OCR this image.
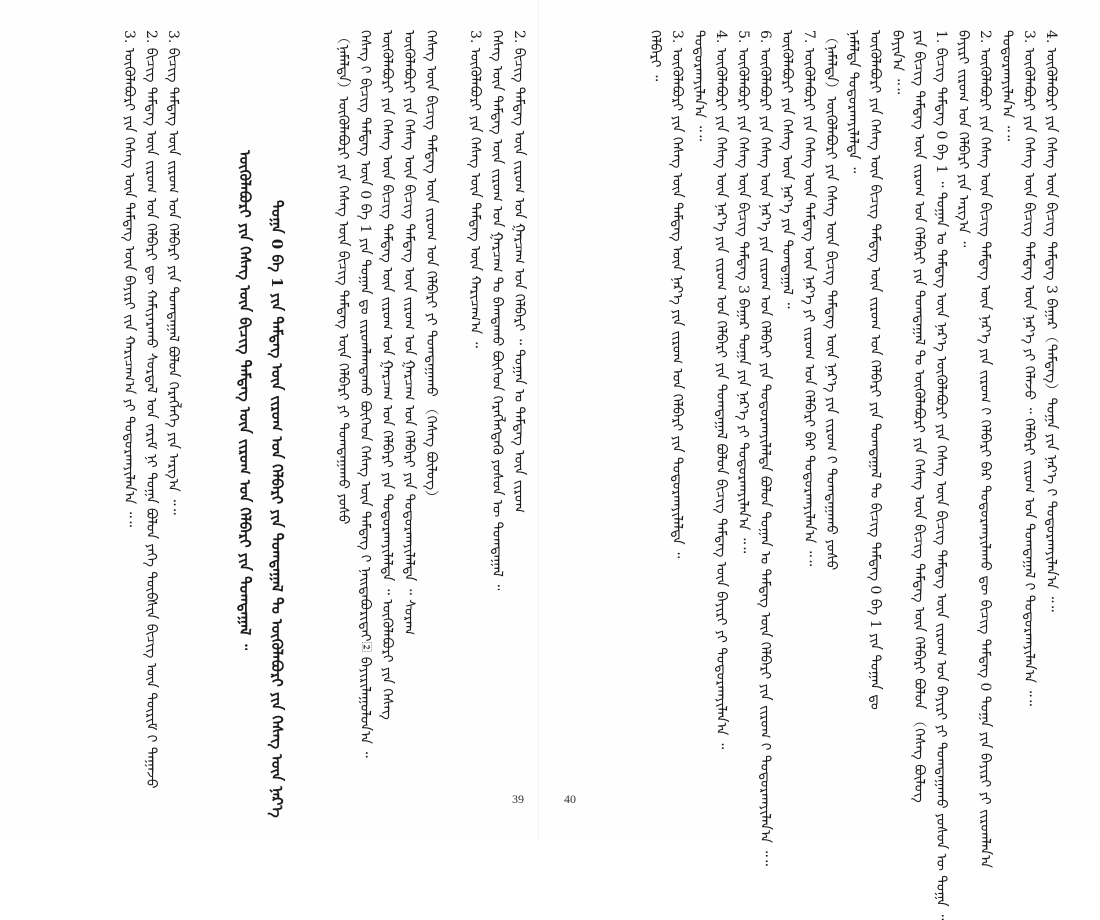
2. ᠪᠢᠴᠢᠭ ᠲᠡᠮᠳᠡᠭ ᠦᠨ ᠵᠢᠷᠤᠭ ᠤᠨ ᠭᠠᠷᠴᠠᠭ ᠤᠨ ᠬᠡᠯᠪᠡᠷᠢ ᠃ ᠲᠣᠭᠠᠨ ᠤ ᠲᠡᠮᠳᠡᠭ ᠦᠨ ᠵᠢᠷᠤᠭ
ᠬᠡᠰᠡᠭ ᠦᠨ ᠲᠡᠮᠳᠡᠭ ᠦᠨ ᠵᠢᠷᠤᠭ ᠤᠨ ᠭᠠᠷᠴᠠᠭ ᠲᠤ ᠪᠠᠭᠲᠠᠬᠤ ᠪᠥᠭᠡᠳ ᠬᠡᠷᠡᠭᠯᠡᠭᠳᠡᠬᠦ ᠶᠤᠰᠤᠨ ᠦ ᠲᠣᠭᠲᠠᠭᠠᠯ ᠃
3. ᠥᠭᠦᠯᠡᠪᠦᠷᠢ ᠶᠢᠨ ᠬᠡᠰᠡᠭ ᠦᠨ ᠲᠡᠮᠳᠡᠭ ᠦᠨ ᠬᠠᠷᠢᠴᠠᠭ᠎ᠠ ᠃
ᠬᠡᠰᠡᠭ ᠦᠨ ᠪᠢᠴᠢᠭ ᠲᠡᠮᠳᠡᠭ ᠦᠨ ᠵᠢᠷᠤᠭ ᠤᠨ ᠬᠡᠯᠪᠡᠷᠢ ᠶᠢ ᠲᠣᠭᠲᠠᠭᠠᠬᠤ （ᠬᠡᠰᠡᠭ ᠪᠥᠯᠥᠭ）
ᠥᠭᠦᠯᠡᠪᠦᠷᠢ ᠶᠢᠨ ᠬᠡᠰᠡᠭ ᠦᠨ ᠪᠢᠴᠢᠭ ᠲᠡᠮᠳᠡᠭ ᠦᠨ ᠵᠢᠷᠤᠭ ᠤᠨ ᠭᠠᠷᠴᠠᠭ ᠤᠨ ᠬᠡᠯᠪᠡᠷᠢ ᠶᠢᠨ ᠲᠣᠳᠤᠷᠬᠠᠶᠢᠯᠠᠯᠲᠠ ᠃ ᠰᠤᠷᠠᠭ
ᠥᠭᠦᠯᠡᠪᠦᠷᠢ ᠶᠢᠨ ᠬᠡᠰᠡᠭ ᠦᠨ ᠪᠢᠴᠢᠭ ᠲᠡᠮᠳᠡᠭ ᠦᠨ ᠵᠢᠷᠤᠭ ᠤᠨ ᠭᠠᠷᠴᠠᠭ ᠤᠨ ᠬᠡᠯᠪᠡᠷᠢ ᠶᠢᠨ ᠲᠣᠳᠤᠷᠬᠠᠶᠢᠯᠠᠯᠲᠠ ᠃ ᠥᠭᠦᠯᠡᠪᠦᠷᠢ ᠶᠢᠨ ᠬᠡᠰᠡᠭ
ᠬᠡᠰᠡᠭ ᠢ᠋ ᠪᠢᠴᠢᠭ ᠲᠡᠮᠳᠡᠭ ᠦᠨ 0 ᠪᠠ 1 ᠶᠢᠨ ᠲᠣᠭᠠᠨ ᠳᠤ ᠵᠢᠷᠤᠭᠯᠠᠭᠳᠠᠬᠤ ᠪᠥᠭᠡᠳ ᠬᠡᠰᠡᠭ ᠦᠨ ᠲᠡᠮᠳᠡᠭ ᠢ᠋ ᠨᠠᠢ᠌ᠳᠠᠪᠤᠷᠢᠲᠠᠢ᠌ ᠪᠠᠶᠢᠷᠢᠯᠠᠭᠤᠯᠤᠨ᠎ᠠ ᠃
（ᠨᠡᠮᠡᠯᠲᠡ）ᠥᠭᠦᠯᠡᠪᠦᠷᠢ ᠶᠢᠨ ᠬᠡᠰᠡᠭ ᠦᠨ ᠪᠢᠴᠢᠭ ᠲᠡᠮᠳᠡᠭ ᠦᠨ ᠬᠡᠯᠪᠡᠷᠢ ᠶᠢ ᠲᠣᠭᠲᠠᠭᠠᠬᠤ ᠶᠤᠰᠤ
ᠲᠣᠭᠠ 0 ᠪᠠ 1 ᠶᠢᠨ ᠲᠡᠮᠳᠡᠭ ᠦᠨ ᠵᠢᠷᠤᠭ ᠤᠨ ᠬᠡᠯᠪᠡᠷᠢ ᠶᠢᠨ ᠲᠣᠭᠲᠠᠭᠠᠯ ᠲᠤ ᠥᠭᠦᠯᠡᠪᠦᠷᠢ ᠶᠢᠨ ᠬᠡᠰᠡᠭ ᠦᠨ ᠨᠡᠷ᠎ᠡ
ᠥᠭᠦᠯᠡᠪᠦᠷᠢ ᠶᠢᠨ ᠬᠡᠰᠡᠭ ᠦᠨ ᠪᠢᠴᠢᠭ ᠲᠡᠮᠳᠡᠭ ᠦᠨ ᠵᠢᠷᠤᠭ ᠤᠨ ᠬᠡᠯᠪᠡᠷᠢ ᠶᠢᠨ ᠲᠣᠭᠲᠠᠭᠠᠯ ᠃
3. ᠪᠢᠴᠢᠭ ᠲᠡᠮᠳᠡᠭ ᠦᠨ ᠵᠢᠷᠤᠭ ᠤᠨ ᠬᠡᠯᠪᠡᠷᠢ ᠶᠢᠨ ᠲᠣᠭᠲᠠᠭᠠᠯ ᠪᠣᠯᠤᠨ ᠬᠡᠷᠡᠭᠯᠡᠭᠡ ᠶᠢᠨ ᠠᠷᠭ᠎ᠠ ᠃᠃
2. ᠪᠢᠴᠢᠭ ᠲᠡᠮᠳᠡᠭ ᠦᠨ ᠵᠢᠷᠤᠭ ᠤᠨ ᠬᠡᠯᠪᠡᠷᠢ ᠳᠦ ᠬᠠᠮᠢᠶᠠᠷᠠᠬᠤ ᠰᠤᠷᠲᠠᠯ ᠤᠨ ᠵᠠᠷᠢᠮ ᠨᠢ ᠲᠣᠭᠠ ᠪᠣᠯᠤᠨ ᠶᠡᠬᠡ ᠲᠦᠪᠰᠢᠨ ᠪᠢᠴᠢᠭ ᠦᠨ ᠳᠦᠷᠢᠮ ᠢ᠋ ᠳᠠᠭᠠᠵᠤ
3. ᠦᠭᠦᠯᠡᠪᠦᠷᠢ ᠶᠢᠨ ᠬᠡᠰᠡᠭ ᠦᠨ ᠲᠡᠮᠳᠡᠭ ᠦᠨ ᠪᠠᠶᠢᠷᠢ ᠵᠢᠨ ᠬᠠᠷᠢᠴᠠᠭ᠎ᠠ ᠶᠢ ᠲᠣᠳᠤᠷᠬᠠᠶᠢᠯᠠᠨ᠎ᠠ ᠃᠃	4. ᠥᠭᠦᠯᠡᠪᠦᠷᠢ ᠶᠢᠨ ᠬᠡᠰᠡᠭ ᠦᠨ ᠪᠢᠴᠢᠭ ᠲᠡᠮᠳᠡᠭ 3 ᠪᠠᠭᠠᠷ（ᠲᠡᠮᠳᠡᠭ）ᠲᠣᠭᠠ ᠶᠢᠨ ᠨᠡᠷ᠎ᠡ ᠢ᠋ ᠲᠣᠳᠤᠷᠬᠠᠶᠢᠯᠠᠨ᠎ᠠ ᠃᠃
3. ᠥᠭᠦᠯᠡᠪᠦᠷᠢ ᠶᠢᠨ ᠬᠡᠰᠡᠭ ᠦᠨ ᠪᠢᠴᠢᠭ ᠲᠡᠮᠳᠡᠭ ᠦᠨ ᠨᠡᠷ᠎ᠡ ᠶᠢ ᠬᠡᠯᠡᠵᠦ ᠃ ᠬᠡᠯᠪᠡᠷᠢ ᠵᠢᠷᠤᠭ ᠤᠨ ᠲᠣᠭᠲᠠᠭᠠᠯ ᠢ᠋ ᠲᠣᠳᠤᠷᠬᠠᠶᠢᠯᠠᠨ᠎ᠠ ᠃᠃
ᠲᠣᠳᠤᠷᠬᠠᠶᠢᠯᠠᠨ᠎ᠠ ᠃᠃
2. ᠥᠭᠦᠯᠡᠪᠦᠷᠢ ᠶᠢᠨ ᠬᠡᠰᠡᠭ ᠦᠨ ᠪᠢᠴᠢᠭ ᠲᠡᠮᠳᠡᠭ ᠦᠨ ᠨᠡᠷ᠎ᠡ ᠶᠢᠨ ᠵᠢᠷᠤᠭ ᠢ᠋ ᠬᠡᠯᠪᠡᠷᠢ ᠪᠡᠷ ᠲᠣᠳᠤᠷᠬᠠᠶᠢᠯᠠᠬᠤ ᠳᠦ ᠪᠢᠴᠢᠭ ᠲᠡᠮᠳᠡᠭ 0 ᠲᠣᠭᠠ ᠶᠢᠨ ᠪᠠᠶᠢᠷᠢ ᠶᠢ ᠵᠢᠷᠤᠭᠯᠠᠨ᠎ᠠ
ᠪᠠᠶᠢᠷᠢ ᠵᠢᠷᠤᠭ ᠤᠨ ᠬᠡᠯᠪᠡᠷᠢ ᠶᠢᠨ ᠠᠷᠭ᠎ᠠ ᠃
1. ᠪᠢᠴᠢᠭ ᠲᠡᠮᠳᠡᠭ 0 ᠪᠠ 1 ᠃ ᠲᠣᠭᠠᠨ ᠤ ᠲᠡᠮᠳᠡᠭ ᠦᠨ ᠨᠡᠷ᠎ᠡ ᠥᠭᠦᠯᠡᠪᠦᠷᠢ ᠶᠢᠨ ᠬᠡᠰᠡᠭ ᠦᠨ ᠪᠢᠴᠢᠭ ᠲᠡᠮᠳᠡᠭ ᠦᠨ ᠵᠢᠷᠤᠭ ᠤᠨ ᠪᠠᠶᠢᠷᠢ ᠶᠢ ᠲᠣᠭᠲᠠᠭᠠᠬᠤ ᠶᠤᠰᠤᠨ ᠦ ᠲᠣᠭᠠ ᠃
ᠶᠢᠨ ᠪᠢᠴᠢᠭ ᠲᠡᠮᠳᠡᠭ ᠦᠨ ᠵᠢᠷᠤᠭ ᠤᠨ ᠬᠡᠯᠪᠡᠷᠢ ᠶᠢᠨ ᠲᠣᠭᠲᠠᠭᠠᠯ ᠲᠤ ᠥᠭᠦᠯᠡᠪᠦᠷᠢ ᠶᠢᠨ ᠬᠡᠰᠡᠭ ᠦᠨ ᠪᠢᠴᠢᠭ ᠲᠡᠮᠳᠡᠭ ᠦᠨ ᠬᠡᠯᠪᠡᠷᠢ ᠪᠣᠯᠤᠨ （ᠬᠡᠰᠡᠭ ᠪᠥᠯᠥᠭ
ᠪᠠᠶᠢᠨ᠎ᠠ ᠃᠃
ᠥᠭᠦᠯᠡᠪᠦᠷᠢ ᠶᠢᠨ ᠬᠡᠰᠡᠭ ᠦᠨ ᠪᠢᠴᠢᠭ ᠲᠡᠮᠳᠡᠭ ᠦᠨ ᠵᠢᠷᠤᠭ ᠤᠨ ᠬᠡᠯᠪᠡᠷᠢ ᠶᠢᠨ ᠲᠣᠭᠲᠠᠭᠠᠯ ᠲᠤ ᠪᠢᠴᠢᠭ ᠲᠡᠮᠳᠡᠭ 0 ᠪᠠ 1 ᠶᠢᠨ ᠲᠣᠭᠠᠨ ᠳᠤ
ᠨᠡᠮᠡᠯᠲᠡ ᠲᠣᠳᠤᠷᠬᠠᠶᠢᠯᠠᠯᠲᠠ ᠃
（ᠨᠡᠮᠡᠯᠲᠡ）ᠥᠭᠦᠯᠡᠪᠦᠷᠢ ᠶᠢᠨ ᠬᠡᠰᠡᠭ ᠦᠨ ᠪᠢᠴᠢᠭ ᠲᠡᠮᠳᠡᠭ ᠦᠨ ᠨᠡᠷ᠎ᠡ ᠶᠢᠨ ᠵᠢᠷᠤᠭ ᠢ᠋ ᠲᠣᠭᠲᠠᠭᠠᠬᠤ ᠶᠤᠰᠤ
7. ᠥᠭᠦᠯᠡᠪᠦᠷᠢ ᠶᠢᠨ ᠬᠡᠰᠡᠭ ᠦᠨ ᠲᠡᠮᠳᠡᠭ ᠦᠨ ᠨᠡᠷ᠎ᠡ ᠶᠢ ᠵᠢᠷᠤᠭ ᠤᠨ ᠬᠡᠯᠪᠡᠷᠢ ᠪᠠᠷ ᠲᠣᠳᠤᠷᠬᠠᠶᠢᠯᠠᠨ᠎ᠠ ᠃᠃
ᠥᠭᠦᠯᠡᠪᠦᠷᠢ ᠶᠢᠨ ᠬᠡᠰᠡᠭ ᠦᠨ ᠨᠡᠷ᠎ᠡ ᠶᠢᠨ ᠲᠣᠭᠲᠠᠭᠠᠯ ᠃
6. ᠥᠭᠦᠯᠡᠪᠦᠷᠢ ᠶᠢᠨ ᠬᠡᠰᠡᠭ ᠦᠨ ᠨᠡᠷ᠎ᠡ ᠶᠢᠨ ᠵᠢᠷᠤᠭ ᠤᠨ ᠬᠡᠯᠪᠡᠷᠢ ᠶᠢᠨ ᠲᠣᠳᠤᠷᠬᠠᠶᠢᠯᠠᠯᠲᠠ ᠪᠣᠯᠤᠨ ᠲᠣᠭᠠᠨ ᠤ ᠲᠡᠮᠳᠡᠭ ᠦᠨ ᠬᠡᠯᠪᠡᠷᠢ ᠶᠢᠨ ᠵᠢᠷᠤᠭ ᠢ᠋ ᠲᠣᠳᠤᠷᠬᠠᠶᠢᠯᠠᠨ᠎ᠠ ᠃᠃
5. ᠥᠭᠦᠯᠡᠪᠦᠷᠢ ᠶᠢᠨ ᠬᠡᠰᠡᠭ ᠦᠨ ᠪᠢᠴᠢᠭ ᠲᠡᠮᠳᠡᠭ 3 ᠪᠠᠭᠠᠷ ᠲᠣᠭᠠ ᠶᠢᠨ ᠨᠡᠷ᠎ᠡ ᠶᠢ ᠲᠣᠳᠤᠷᠬᠠᠶᠢᠯᠠᠨ᠎ᠠ ᠃᠃
4. ᠥᠭᠦᠯᠡᠪᠦᠷᠢ ᠶᠢᠨ ᠬᠡᠰᠡᠭ ᠦᠨ ᠨᠡᠷ᠎ᠡ ᠶᠢᠨ ᠵᠢᠷᠤᠭ ᠤᠨ ᠬᠡᠯᠪᠡᠷᠢ ᠶᠢᠨ ᠲᠣᠭᠲᠠᠭᠠᠯ ᠪᠣᠯᠤᠨ ᠪᠢᠴᠢᠭ ᠲᠡᠮᠳᠡᠭ ᠦᠨ ᠪᠠᠶᠢᠷᠢ ᠶᠢ ᠲᠣᠳᠤᠷᠬᠠᠶᠢᠯᠠᠨ᠎ᠠ ᠃
ᠲᠣᠳᠤᠷᠬᠠᠶᠢᠯᠠᠨ᠎ᠠ ᠃᠃
3. ᠥᠭᠦᠯᠡᠪᠦᠷᠢ ᠶᠢᠨ ᠬᠡᠰᠡᠭ ᠦᠨ ᠲᠡᠮᠳᠡᠭ ᠦᠨ ᠨᠡᠷ᠎ᠡ ᠶᠢᠨ ᠵᠢᠷᠤᠭ ᠤᠨ ᠬᠡᠯᠪᠡᠷᠢ ᠶᠢᠨ ᠲᠣᠳᠤᠷᠬᠠᠶᠢᠯᠠᠯᠲᠠ ᠃
ᠬᠡᠯᠪᠡᠷᠢ ᠃
39	40
